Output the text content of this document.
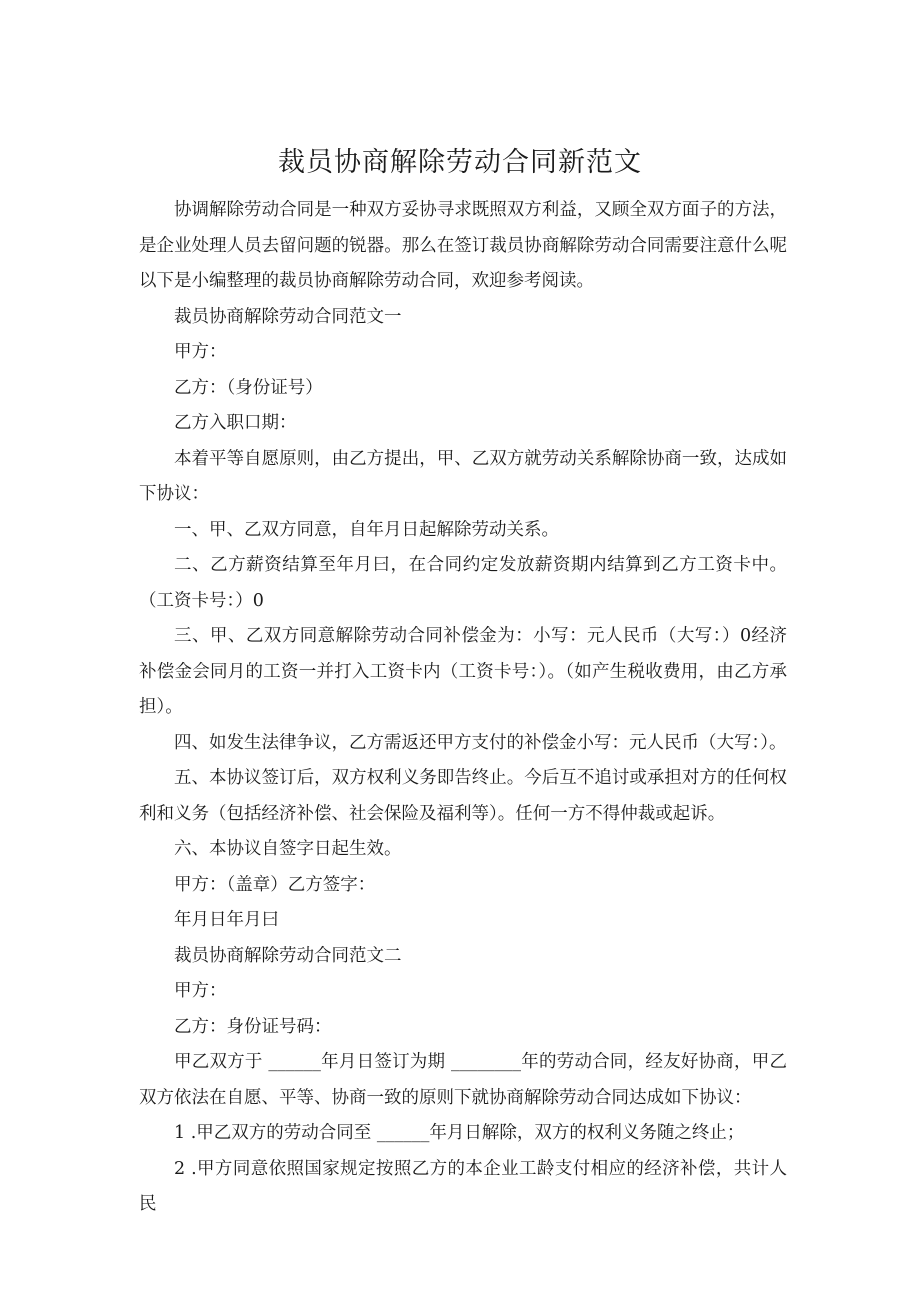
裁员协商解除劳动合同新范文

协调解除劳动合同是一种双方妥协寻求既照双方利益，又顾全双方面子的方法，是企业处理人员去留问题的锐器。那么在签订裁员协商解除劳动合同需要注意什么呢以下是小编整理的裁员协商解除劳动合同，欢迎参考阅读。

裁员协商解除劳动合同范文一

甲方：

乙方：（身份证号）

乙方入职口期：

本着平等自愿原则，由乙方提出，甲、乙双方就劳动关系解除协商一致，达成如下协议：

一、甲、乙双方同意，自年月日起解除劳动关系。

二、乙方薪资结算至年月曰，在合同约定发放薪资期内结算到乙方工资卡中。（工资卡号：）0

三、甲、乙双方同意解除劳动合同补偿金为：小写：元人民币（大写：）0经济补偿金会同月的工资一并打入工资卡内（工资卡号：）。（如产生税收费用，由乙方承担）。

四、如发生法律争议，乙方需返还甲方支付的补偿金小写：元人民币（大写：）。

五、本协议签订后，双方权利义务即告终止。今后互不追讨或承担对方的任何权利和义务（包括经济补偿、社会保险及福利等）。任何一方不得仲裁或起诉。

六、本协议自签字日起生效。

甲方：（盖章）乙方签字：

年月日年月曰

裁员协商解除劳动合同范文二

甲方：

乙方：身份证号码：

甲乙双方于 ______年月日签订为期 ________年的劳动合同，经友好协商，甲乙双方依法在自愿、平等、协商一致的原则下就协商解除劳动合同达成如下协议：

1 .甲乙双方的劳动合同至 ______年月日解除，双方的权利义务随之终止；

2 .甲方同意依照国家规定按照乙方的本企业工龄支付相应的经济补偿，共计人民
